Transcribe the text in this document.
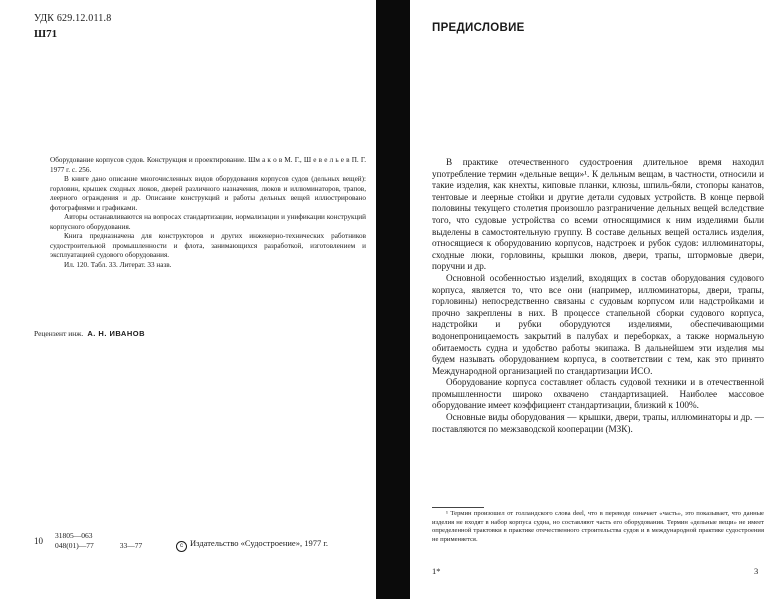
УДК 629.12.011.8
Ш71

Оборудование корпусов судов. Конструкция и проектирование. Шм а к о в М. Г., Ш е в е л ь е в П. Г. 1977 г. с. 256.

В книге дано описание многочисленных видов оборудования корпусов судов (дельных вещей): горловин, крышек сходных люков, дверей различного назначения, люков и иллюминаторов, трапов, леерного ограждения и др. Описание конструкций и работы дельных вещей иллюстрировано фотографиями и графиками.

Авторы останавливаются на вопросах стандартизации, нормализации и унификации конструкций корпусного оборудования.

Книга предназначена для конструкторов и других инженерно-технических работников судостроительной промышленности и флота, занимающихся разработкой, изготовлением и эксплуатацией судового оборудования.

Ил. 120. Табл. 33. Литерат. 33 назв.

Рецензент инж. А. Н. ИВАНОВ
10
31805—063
048(01)—77	33—77	с Издательство «Судостроение», 1977 г.
ПРЕДИСЛОВИЕ

В практике отечественного судостроения длительное время находил употребление термин «дельные вещи»¹. К дельным вещам, в частности, относили и такие изделия, как кнехты, киповые планки, клюзы, шпиль-бяли, стопоры канатов, тентовые и леерные стойки и другие детали судовых устройств. В конце первой половины текущего столетия произошло разграничение дельных вещей вследствие того, что судовые устройства со всеми относящимися к ним изделиями были выделены в самостоятельную группу. В составе дельных вещей остались изделия, относящиеся к оборудованию корпусов, надстроек и рубок судов: иллюминаторы, сходные люки, горловины, крышки люков, двери, трапы, штормовые двери, поручни и др.

Основной особенностью изделий, входящих в состав оборудования судового корпуса, является то, что все они (например, иллюминаторы, двери, трапы, горловины) непосредственно связаны с судовым корпусом или надстройками и прочно закреплены в них. В процессе стапельной сборки судового корпуса, надстройки и рубки оборудуются изделиями, обеспечивающими водонепроницаемость закрытий в палубах и переборках, а также нормальную обитаемость судна и удобство работы экипажа. В дальнейшем эти изделия мы будем называть оборудованием корпуса, в соответствии с тем, как это принято Международной организацией по стандартизации ИСО.

Оборудование корпуса составляет область судовой техники и в отечественной промышленности широко охвачено стандартизацией. Наиболее массовое оборудование имеет коэффициент стандартизации, близкий к 100%.

Основные виды оборудования — крышки, двери, трапы, иллюминаторы и др. — поставляются по межзаводской кооперации (МЗК).

¹ Термин произошел от голландского слова deel, что в переводе означает «часть», это показывает, что данные изделия не входят в набор корпуса судна, но составляют часть его оборудования. Термин «дельные вещи» не имеет определенной трактовки в практике отечественного строительства судов и в международной практике судостроения не применяется.
1*	3
